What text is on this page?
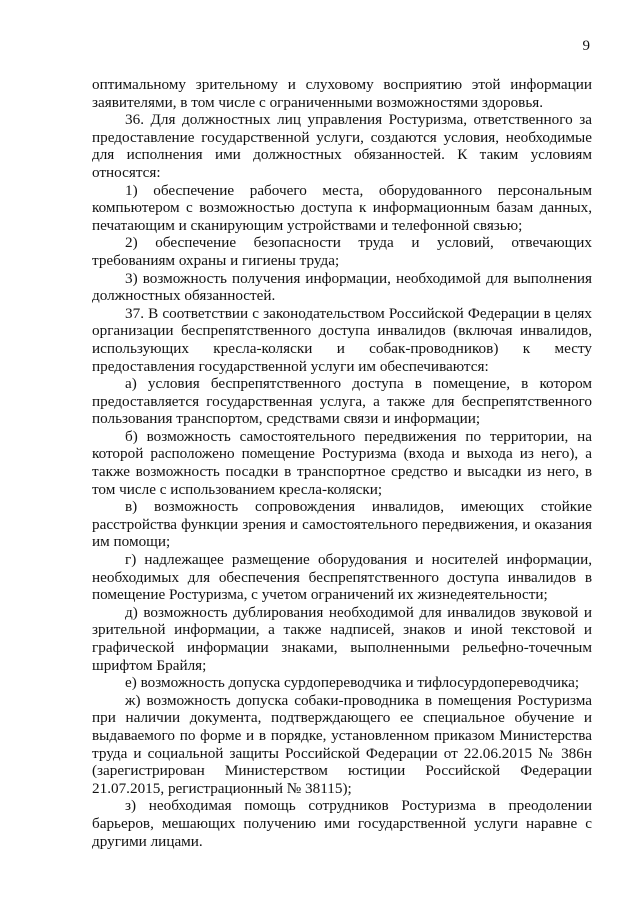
9

оптимальному зрительному и слуховому восприятию этой информации заявителями, в том числе с ограниченными возможностями здоровья.

36. Для должностных лиц управления Ростуризма, ответственного за предоставление государственной услуги, создаются условия, необходимые для исполнения ими должностных обязанностей. К таким условиям относятся:

1) обеспечение рабочего места, оборудованного персональным компьютером с возможностью доступа к информационным базам данных, печатающим и сканирующим устройствами и телефонной связью;

2) обеспечение безопасности труда и условий, отвечающих требованиям охраны и гигиены труда;

3) возможность получения информации, необходимой для выполнения должностных обязанностей.

37. В соответствии с законодательством Российской Федерации в целях организации беспрепятственного доступа инвалидов (включая инвалидов, использующих кресла-коляски и собак-проводников) к месту предоставления государственной услуги им обеспечиваются:

а) условия беспрепятственного доступа в помещение, в котором предоставляется государственная услуга, а также для беспрепятственного пользования транспортом, средствами связи и информации;

б) возможность самостоятельного передвижения по территории, на которой расположено помещение Ростуризма (входа и выхода из него), а также возможность посадки в транспортное средство и высадки из него, в том числе с использованием кресла-коляски;

в) возможность сопровождения инвалидов, имеющих стойкие расстройства функции зрения и самостоятельного передвижения, и оказания им помощи;

г) надлежащее размещение оборудования и носителей информации, необходимых для обеспечения беспрепятственного доступа инвалидов в помещение Ростуризма, с учетом ограничений их жизнедеятельности;

д) возможность дублирования необходимой для инвалидов звуковой и зрительной информации, а также надписей, знаков и иной текстовой и графической информации знаками, выполненными рельефно-точечным шрифтом Брайля;

е) возможность допуска сурдопереводчика и тифлосурдопереводчика;

ж) возможность допуска собаки-проводника в помещения Ростуризма при наличии документа, подтверждающего ее специальное обучение и выдаваемого по форме и в порядке, установленном приказом Министерства труда и социальной защиты Российской Федерации от 22.06.2015 № 386н (зарегистрирован Министерством юстиции Российской Федерации 21.07.2015, регистрационный № 38115);

з) необходимая помощь сотрудников Ростуризма в преодолении барьеров, мешающих получению ими государственной услуги наравне с другими лицами.
